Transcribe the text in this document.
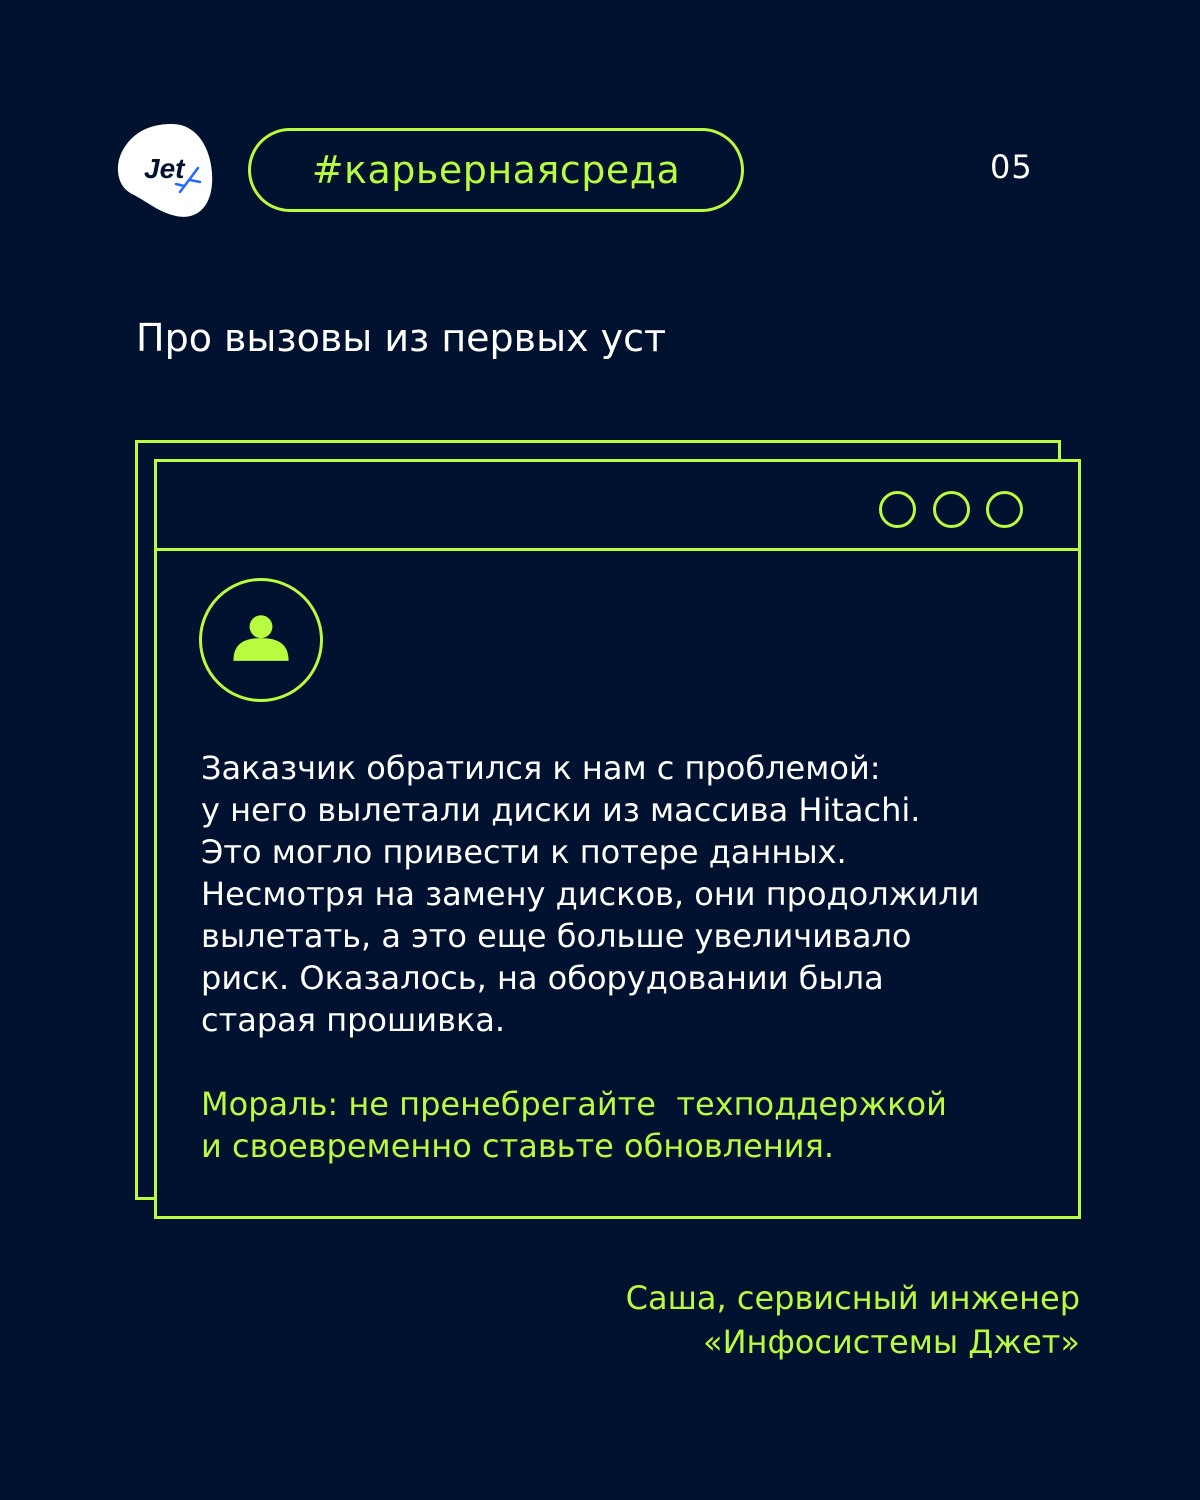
Jet	#карьернаясреда	05
Про вызовы из первых уст

Заказчик обратился к нам с проблемой:
у него вылетали диски из массива Hitachi.
Это могло привести к потере данных.
Несмотря на замену дисков, они продолжили
вылетать, а это еще больше увеличивало
риск. Оказалось, на оборудовании была
старая прошивка.

Мораль: не пренебрегайте  техподдержкой
и своевременно ставьте обновления.

Саша, сервисный инженер
«Инфосистемы Джет»
